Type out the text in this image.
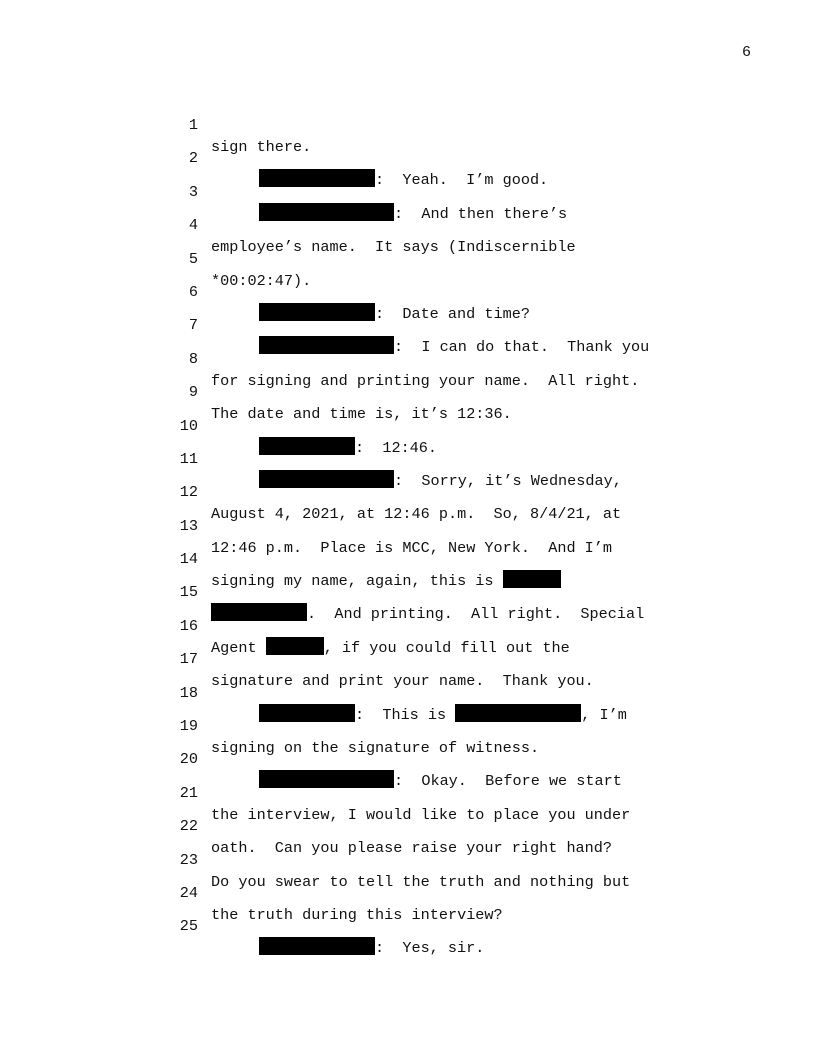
6

1

sign there.

2

:  Yeah.  I’m good.

3

:  And then there’s

4

employee’s name.  It says (Indiscernible

5

*00:02:47).

6

:  Date and time?

7

:  I can do that.  Thank you

8

for signing and printing your name.  All right.

9

The date and time is, it’s 12:36.

10

:  12:46.

11

:  Sorry, it’s Wednesday,

12

August 4, 2021, at 12:46 p.m.  So, 8/4/21, at

13

12:46 p.m.  Place is MCC, New York.  And I’m

14

signing my name, again, this is

15

.  And printing.  All right.  Special

16

Agent	, if you could fill out the

17

signature and print your name.  Thank you.

18

:  This is	, I’m

19

signing on the signature of witness.

20

:  Okay.  Before we start

21

the interview, I would like to place you under

22

oath.  Can you please raise your right hand?

23

Do you swear to tell the truth and nothing but

24

the truth during this interview?

25

:  Yes, sir.
